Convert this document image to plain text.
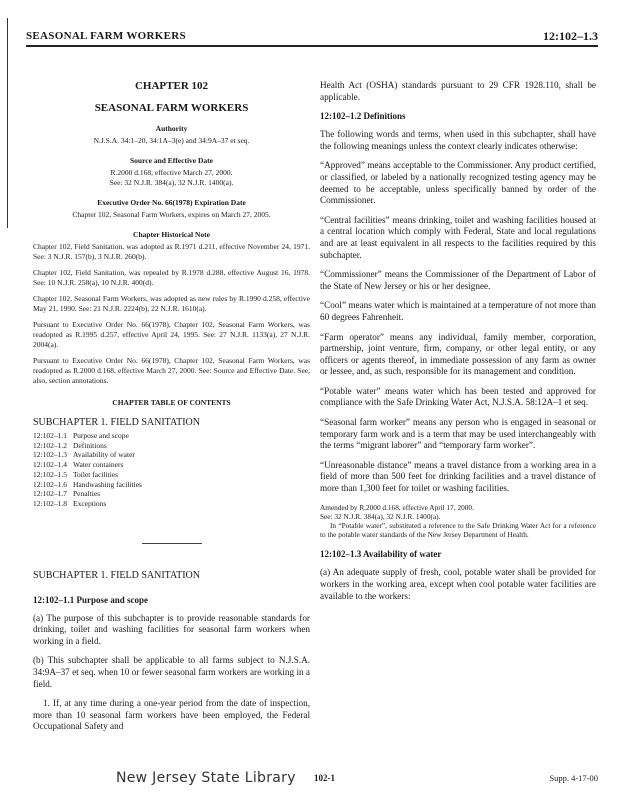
SEASONAL FARM WORKERS	12:102–1.3

CHAPTER 102

SEASONAL FARM WORKERS

Authority

N.J.S.A. 34:1–20, 34:1A–3(e) and 34:9A–37 et seq.

Source and Effective Date

R.2000 d.168, effective March 27, 2000.

See: 32 N.J.R. 384(a), 32 N.J.R. 1400(a).

Executive Order No. 66(1978) Expiration Date

Chapter 102, Seasonal Farm Workers, expires on March 27, 2005.

Chapter Historical Note

Chapter 102, Field Sanitation, was adopted as R.1971 d.211, effective November 24, 1971. See: 3 N.J.R. 157(b), 3 N.J.R. 260(b).

Chapter 102, Field Sanitation, was repealed by R.1978 d.288, effective August 16, 1978. See: 10 N.J.R. 258(a), 10 N.J.R. 400(d).

Chapter 102, Seasonal Farm Workers, was adopted as new rules by R.1990 d.258, effective May 21, 1990. See: 21 N.J.R. 2224(b), 22 N.J.R. 1610(a).

Pursuant to Executive Order No. 66(1978), Chapter 102, Seasonal Farm Workers, was readopted as R.1995 d.257, effective April 24, 1995. See: 27 N.J.R. 1133(a), 27 N.J.R. 2004(a).

Pursuant to Executive Order No. 66(1978), Chapter 102, Seasonal Farm Workers, was readopted as R.2000 d.168, effective March 27, 2000. See: Source and Effective Date. See, also, section annotations.

CHAPTER TABLE OF CONTENTS

SUBCHAPTER 1. FIELD SANITATION

12:102–1.1 Purpose and scope
12:102–1.2 Definitions
12:102–1.3 Availability of water
12:102–1.4 Water containers
12:102–1.5 Toilet facilities
12:102–1.6 Handwashing facilities
12:102–1.7 Penalties
12:102–1.8 Exceptions

SUBCHAPTER 1. FIELD SANITATION

12:102–1.1 Purpose and scope

(a) The purpose of this subchapter is to provide reasonable standards for drinking, toilet and washing facilities for seasonal farm workers when working in a field.

(b) This subchapter shall be applicable to all farms subject to N.J.S.A. 34:9A–37 et seq. when 10 or fewer seasonal farm workers are working in a field.

1. If, at any time during a one-year period from the date of inspection, more than 10 seasonal farm workers have been employed, the Federal Occupational Safety and

Health Act (OSHA) standards pursuant to 29 CFR 1928.110, shall be applicable.

12:102–1.2 Definitions

The following words and terms, when used in this subchapter, shall have the following meanings unless the context clearly indicates otherwise:

“Approved” means acceptable to the Commissioner. Any product certified, or classified, or labeled by a nationally recognized testing agency may be deemed to be acceptable, unless specifically banned by order of the Commissioner.

“Central facilities” means drinking, toilet and washing facilities housed at a central location which comply with Federal, State and local regulations and are at least equivalent in all respects to the facilities required by this subchapter.

“Commissioner” means the Commissioner of the Department of Labor of the State of New Jersey or his or her designee.

“Cool” means water which is maintained at a temperature of not more than 60 degrees Fahrenheit.

“Farm operator” means any individual, family member, corporation, partnership, joint venture, firm, company, or other legal entity, or any officers or agents thereof, in immediate possession of any farm as owner or lessee, and, as such, responsible for its management and condition.

“Potable water” means water which has been tested and approved for compliance with the Safe Drinking Water Act, N.J.S.A. 58:12A–1 et seq.

“Seasonal farm worker” means any person who is engaged in seasonal or temporary farm work and is a term that may be used interchangeably with the terms “migrant laborer” and “temporary farm worker”.

“Unreasonable distance” means a travel distance from a working area in a field of more than 500 feet for drinking facilities and a travel distance of more than 1,300 feet for toilet or washing facilities.

Amended by R.2000 d.168, effective April 17, 2000.

See: 32 N.J.R. 384(a), 32 N.J.R. 1400(a).

In “Potable water”, substituted a reference to the Safe Drinking Water Act for a reference to the potable water standards of the New Jersey Department of Health.

12:102–1.3 Availability of water

(a) An adequate supply of fresh, cool, potable water shall be provided for workers in the working area, except when cool potable water facilities are available to the workers:

New Jersey State Library 102-1	Supp. 4-17-00
